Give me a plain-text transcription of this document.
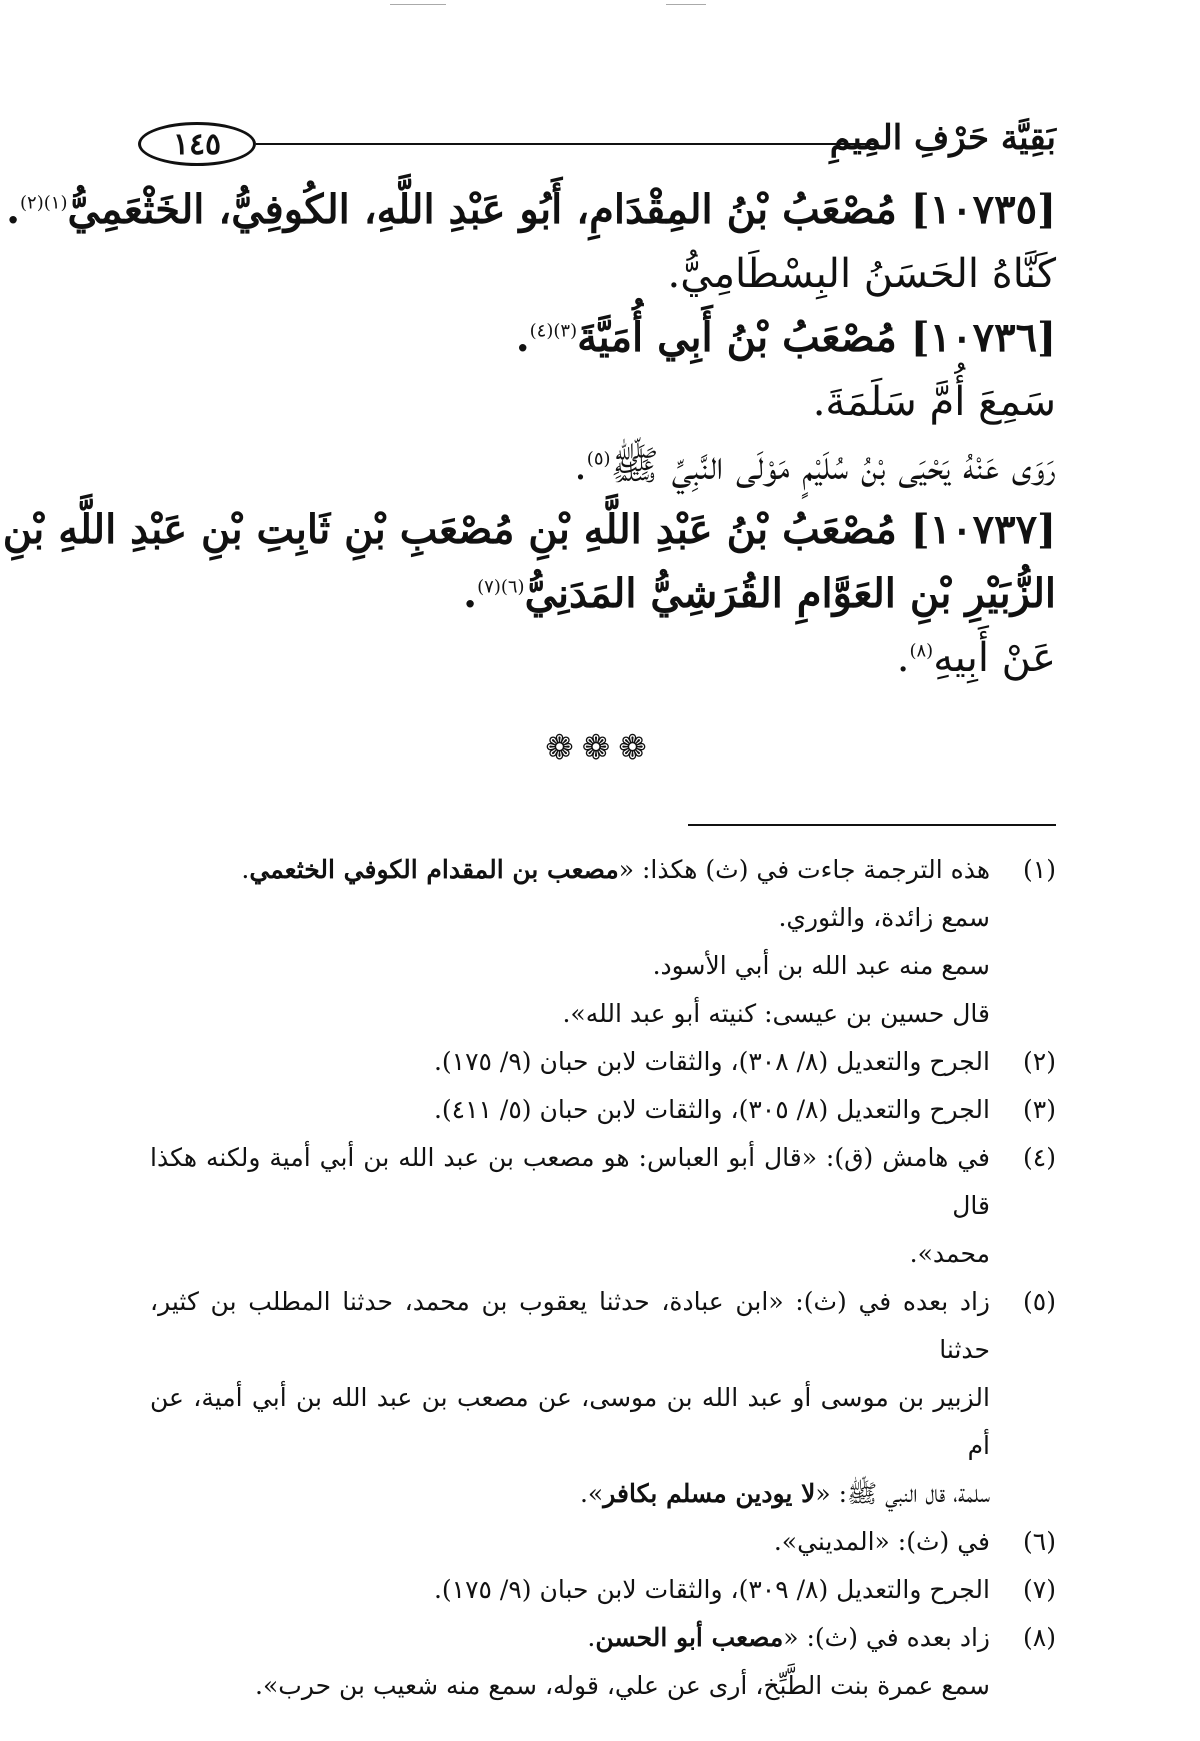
١٤٥	بَقِيَّة حَرْفِ المِيمِ
[١٠٧٣٥] مُصْعَبُ بْنُ المِقْدَامِ، أَبُو عَبْدِ اللَّهِ، الكُوفِيُّ، الخَثْعَمِيُّ$^{(١)(٢)}$.
كَنَّاهُ الحَسَنُ البِسْطَامِيُّ.
[١٠٧٣٦] مُصْعَبُ بْنُ أَبِي أُمَيَّةَ$^{(٣)(٤)}$.
سَمِعَ أُمَّ سَلَمَةَ.
رَوَى عَنْهُ يَحْيَى بْنُ سُلَيْمٍ مَوْلَى النَّبِيِّ ﷺ$^{(٥)}$.
[١٠٧٣٧] مُصْعَبُ بْنُ عَبْدِ اللَّهِ بْنِ مُصْعَبِ بْنِ ثَابِتِ بْنِ عَبْدِ اللَّهِ بْنِ
الزُّبَيْرِ بْنِ العَوَّامِ القُرَشِيُّ المَدَنِيُّ$^{(٦)(٧)}$.
عَنْ أَبِيهِ$^{(٨)}$.
❁❁❁
(١)
هذه الترجمة جاءت في (ث) هكذا: «مصعب بن المقدام الكوفي الخثعمي.
سمع زائدة، والثوري.
سمع منه عبد الله بن أبي الأسود.
قال حسين بن عيسى: كنيته أبو عبد الله».
(٢)
الجرح والتعديل (٨/ ٣٠٨)، والثقات لابن حبان (٩/ ١٧٥).
(٣)
الجرح والتعديل (٨/ ٣٠٥)، والثقات لابن حبان (٥/ ٤١١).
(٤)
في هامش (ق): «قال أبو العباس: هو مصعب بن عبد الله بن أبي أمية ولكنه هكذا قال
محمد».
(٥)
زاد بعده في (ث): «ابن عبادة، حدثنا يعقوب بن محمد، حدثنا المطلب بن كثير، حدثنا
الزبير بن موسى أو عبد الله بن موسى، عن مصعب بن عبد الله بن أبي أمية، عن أم
سلمة، قال النبي ﷺ: «لا يودين مسلم بكافر».
(٦)
في (ث): «المديني».
(٧)
الجرح والتعديل (٨/ ٣٠٩)، والثقات لابن حبان (٩/ ١٧٥).
(٨)
زاد بعده في (ث): «مصعب أبو الحسن.
سمع عمرة بنت الطَّبِّخ، أرى عن علي، قوله، سمع منه شعيب بن حرب».
